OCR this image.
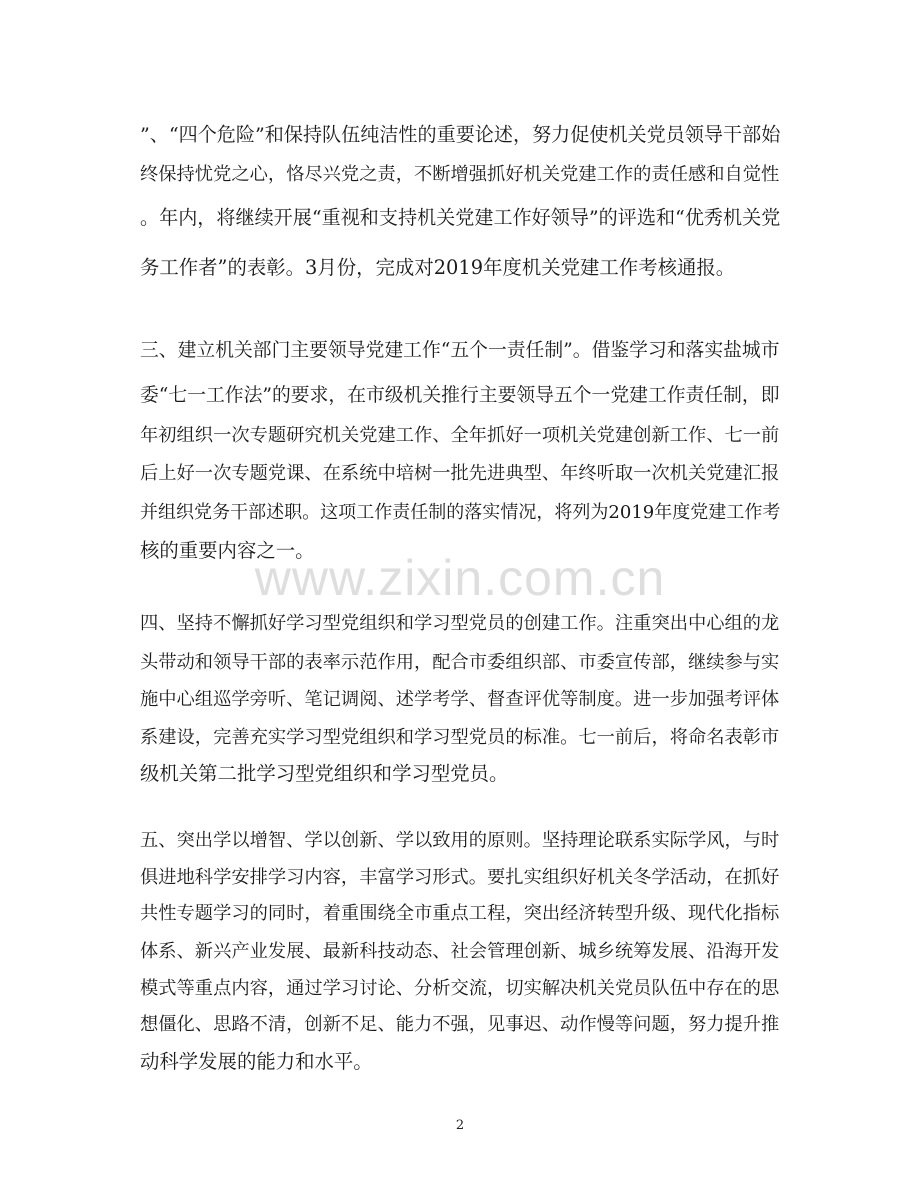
”、“四个危险”和保持队伍纯洁性的重要论述，努力促使机关党员领导干部始
终保持忧党之心，恪尽兴党之责，不断增强抓好机关党建工作的责任感和自觉性
。年内，将继续开展“重视和支持机关党建工作好领导”的评选和“优秀机关党
务工作者”的表彰。3月份，完成对2019年度机关党建工作考核通报。
三、建立机关部门主要领导党建工作“五个一责任制”。借鉴学习和落实盐城市
委“七一工作法”的要求，在市级机关推行主要领导五个一党建工作责任制，即
年初组织一次专题研究机关党建工作、全年抓好一项机关党建创新工作、七一前
后上好一次专题党课、在系统中培树一批先进典型、年终听取一次机关党建汇报
并组织党务干部述职。这项工作责任制的落实情况，将列为2019年度党建工作考
核的重要内容之一。
www.zixin.com.cn
四、坚持不懈抓好学习型党组织和学习型党员的创建工作。注重突出中心组的龙
头带动和领导干部的表率示范作用，配合市委组织部、市委宣传部，继续参与实
施中心组巡学旁听、笔记调阅、述学考学、督查评优等制度。进一步加强考评体
系建设，完善充实学习型党组织和学习型党员的标准。七一前后，将命名表彰市
级机关第二批学习型党组织和学习型党员。
五、突出学以增智、学以创新、学以致用的原则。坚持理论联系实际学风，与时
俱进地科学安排学习内容，丰富学习形式。要扎实组织好机关冬学活动，在抓好
共性专题学习的同时，着重围绕全市重点工程，突出经济转型升级、现代化指标
体系、新兴产业发展、最新科技动态、社会管理创新、城乡统筹发展、沿海开发
模式等重点内容，通过学习讨论、分析交流，切实解决机关党员队伍中存在的思
想僵化、思路不清，创新不足、能力不强，见事迟、动作慢等问题，努力提升推
动科学发展的能力和水平。
2
